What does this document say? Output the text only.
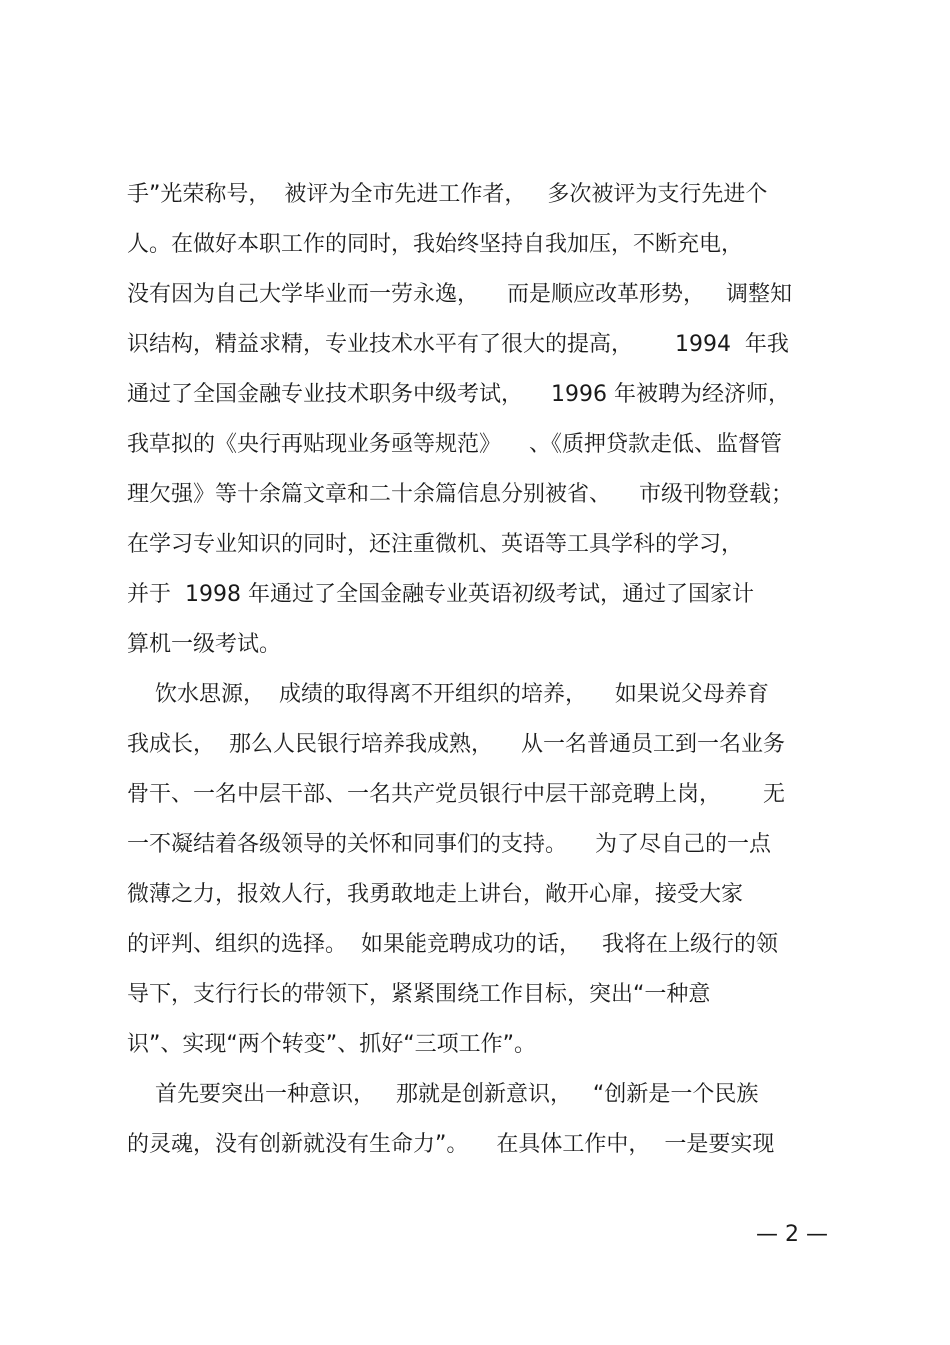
手”光荣称号，  被评为全市先进工作者，   多次被评为支行先进个
人。在做好本职工作的同时，我始终坚持自我加压，不断充电，
没有因为自己大学毕业而一劳永逸，    而是顺应改革形势，   调整知
识结构，精益求精，专业技术水平有了很大的提高，      1994  年我
通过了全国金融专业技术职务中级考试，    1996 年被聘为经济师，
我草拟的《央行再贴现业务亟等规范》    、《质押贷款走低、监督管
理欠强》等十余篇文章和二十余篇信息分别被省、    市级刊物登载；
在学习专业知识的同时，还注重微机、英语等工具学科的学习，
并于  1998 年通过了全国金融专业英语初级考试，通过了国家计
算机一级考试。
饮水思源，  成绩的取得离不开组织的培养，    如果说父母养育
我成长，  那么人民银行培养我成熟，    从一名普通员工到一名业务
骨干、一名中层干部、一名共产党员银行中层干部竞聘上岗，      无
一不凝结着各级领导的关怀和同事们的支持。    为了尽自己的一点
微薄之力，报效人行，我勇敢地走上讲台，敞开心扉，接受大家
的评判、组织的选择。  如果能竞聘成功的话，   我将在上级行的领
导下，支行行长的带领下，紧紧围绕工作目标，突出“一种意
识”、实现“两个转变”、抓好“三项工作”。
首先要突出一种意识，   那就是创新意识，   “创新是一个民族
的灵魂，没有创新就没有生命力”。    在具体工作中，  一是要实现
— 2 —
